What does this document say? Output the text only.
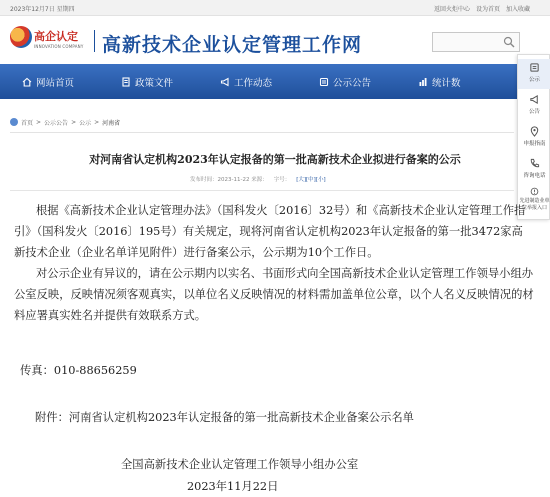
2023年12月7日 星期四	返回火炬中心 设为首页 加入收藏
高企认定
INNOVATION COMPANY 高新技术企业认定管理工作网
网站首页	政策文件	工作动态	公示公告	统计数	公示
公告
申报指南
咨询电话
先进制造业单位举报入口
首页 > 公示公告 > 公示 > 河南省
对河南省认定机构2023年认定报备的第一批高新技术企业拟进行备案的公示
发布时间：2023-11-22 来源： 字号： [大][中][小]

根据《高新技术企业认定管理办法》（国科发火〔2016〕32号）和《高新技术企业认定管理工作指引》（国科发火〔2016〕195号）有关规定，现将河南省认定机构2023年认定报备的第一批3472家高新技术企业（企业名单详见附件）进行备案公示，公示期为10个工作日。

对公示企业有异议的，请在公示期内以实名、书面形式向全国高新技术企业认定管理工作领导小组办公室反映，反映情况须客观真实，以单位名义反映情况的材料需加盖单位公章，以个人名义反映情况的材料应署真实姓名并提供有效联系方式。

传真：010-88656259
附件：河南省认定机构2023年认定报备的第一批高新技术企业备案公示名单
全国高新技术企业认定管理工作领导小组办公室
2023年11月22日
